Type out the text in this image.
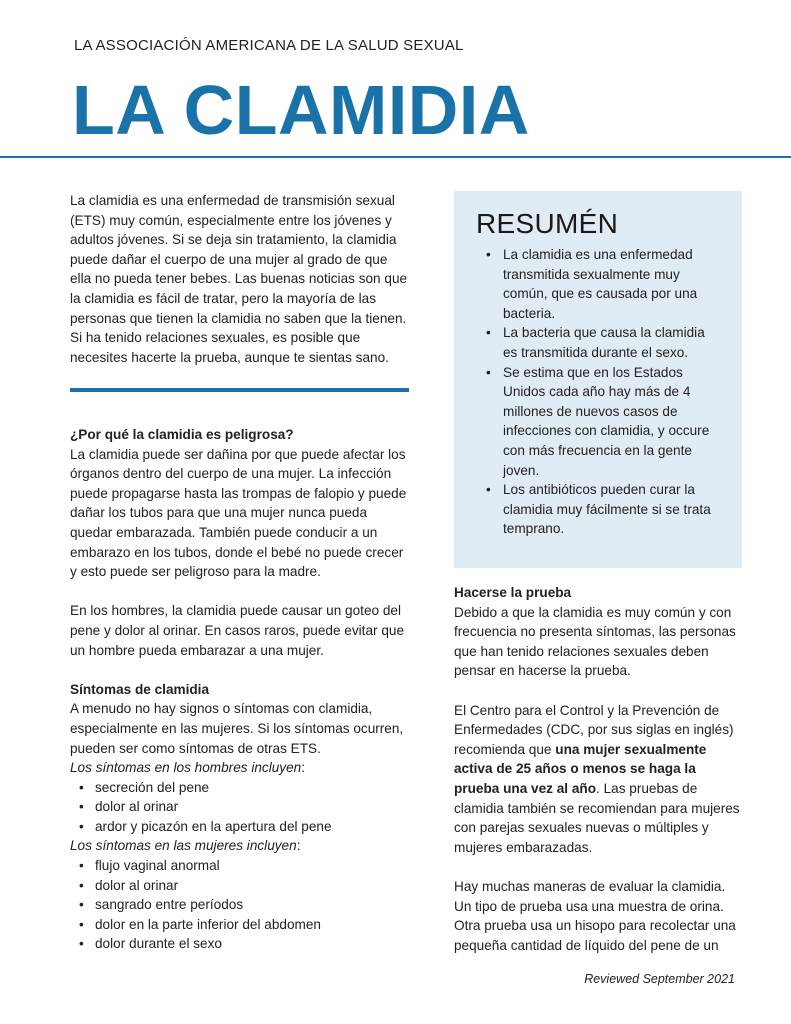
LA ASSOCIACIÓN AMERICANA DE LA SALUD SEXUAL
LA CLAMIDIA
La clamidia es una enfermedad de transmisión sexual (ETS) muy común, especialmente entre los jóvenes y adultos jóvenes. Si se deja sin tratamiento, la clamidia puede dañar el cuerpo de una mujer al grado de que ella no pueda tener bebes. Las buenas noticias son que la clamidia es fácil de tratar, pero la mayoría de las personas que tienen la clamidia no saben que la tienen. Si ha tenido relaciones sexuales, es posible que necesites hacerte la prueba, aunque te sientas sano.
¿Por qué la clamidia es peligrosa?
La clamidia puede ser dañina por que puede afectar los órganos dentro del cuerpo de una mujer. La infección puede propagarse hasta las trompas de falopio y puede dañar los tubos para que una mujer nunca pueda quedar embarazada. También puede conducir a un embarazo en los tubos, donde el bebé no puede crecer y esto puede ser peligroso para la madre.
En los hombres, la clamidia puede causar un goteo del pene y dolor al orinar. En casos raros, puede evitar que un hombre pueda embarazar a una mujer.
Síntomas de clamidia
A menudo no hay signos o síntomas con clamidia, especialmente en las mujeres. Si los síntomas ocurren, pueden ser como síntomas de otras ETS.
Los síntomas en los hombres incluyen:
• secreción del pene
• dolor al orinar
• ardor y picazón en la apertura del pene
Los síntomas en las mujeres incluyen:
• flujo vaginal anormal
• dolor al orinar
• sangrado entre períodos
• dolor en la parte inferior del abdomen
• dolor durante el sexo
RESUMÉN
• La clamidia es una enfermedad transmitida sexualmente muy común, que es causada por una bacteria.
• La bacteria que causa la clamidia es transmitida durante el sexo.
• Se estima que en los Estados Unidos cada año hay más de 4 millones de nuevos casos de infecciones con clamidia, y occure con más frecuencia en la gente joven.
• Los antibióticos pueden curar la clamidia muy fácilmente si se trata temprano.
Hacerse la prueba
Debido a que la clamidia es muy común y con frecuencia no presenta síntomas, las personas que han tenido relaciones sexuales deben pensar en hacerse la prueba.
El Centro para el Control y la Prevención de Enfermedades (CDC, por sus siglas en inglés) recomienda que una mujer sexualmente activa de 25 años o menos se haga la prueba una vez al año. Las pruebas de clamidia también se recomiendan para mujeres con parejas sexuales nuevas o múltiples y mujeres embarazadas.
Hay muchas maneras de evaluar la clamidia. Un tipo de prueba usa una muestra de orina. Otra prueba usa un hisopo para recolectar una pequeña cantidad de líquido del pene de un
Reviewed September 2021
